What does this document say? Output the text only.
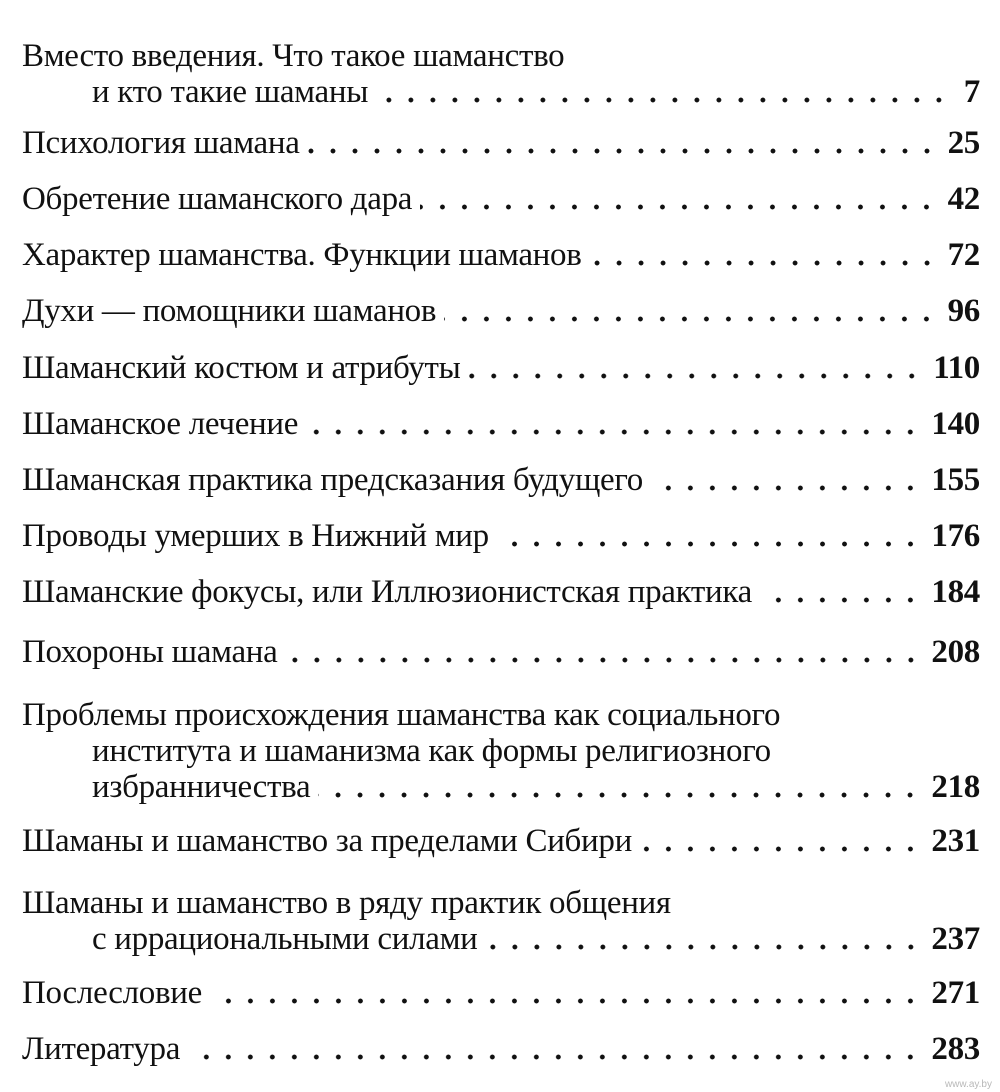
Вместо введения. Что такое шаманство
и кто такие шаманы	7
Психология шамана	25
Обретение шаманского дара	42
Характер шаманства. Функции шаманов	72
Духи — помощники шаманов	96
Шаманский костюм и атрибуты	110
Шаманское лечение	140
Шаманская практика предсказания будущего	155
Проводы умерших в Нижний мир	176
Шаманские фокусы, или Иллюзионистская практика	184
Похороны шамана	208
Проблемы происхождения шаманства как социального
института и шаманизма как формы религиозного
избранничества	218
Шаманы и шаманство за пределами Сибири	231
Шаманы и шаманство в ряду практик общения
с иррациональными силами	237
Послесловие	271
Литература	283
www.ay.by
